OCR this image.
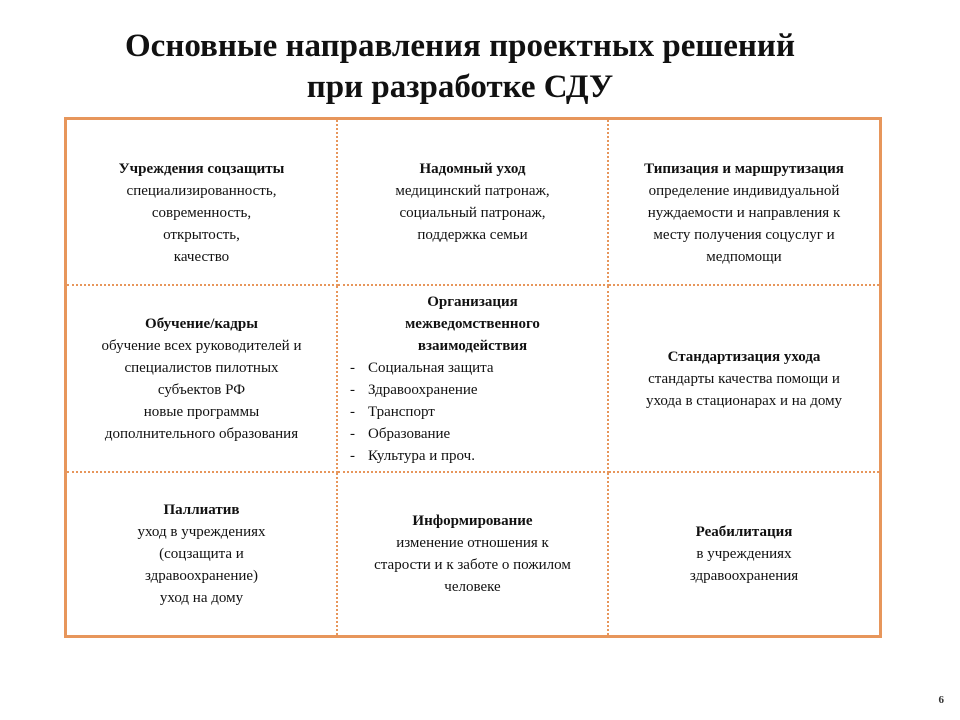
Основные направления проектных решений
при разработке СДУ
Учреждения соцзащиты
специализированность,
современность,
открытость,
качество
Надомный уход
медицинский патронаж,
социальный патронаж,
поддержка семьи
Типизация и маршрутизация
определение индивидуальной
нуждаемости и направления к
месту получения соцуслуг и
медпомощи
Обучение/кадры
обучение всех руководителей и
специалистов пилотных
субъектов РФ
новые программы
дополнительного образования
Организация
межведомственного
взаимодействия
- Социальная защита
- Здравоохранение
- Транспорт
- Образование
- Культура и проч.
Стандартизация ухода
стандарты качества помощи и
ухода в стационарах и на дому
Паллиатив
уход в учреждениях
(соцзащита и
здравоохранение)
уход на дому
Информирование
изменение отношения к
старости и к заботе о пожилом
человеке
Реабилитация
в учреждениях
здравоохранения
6
